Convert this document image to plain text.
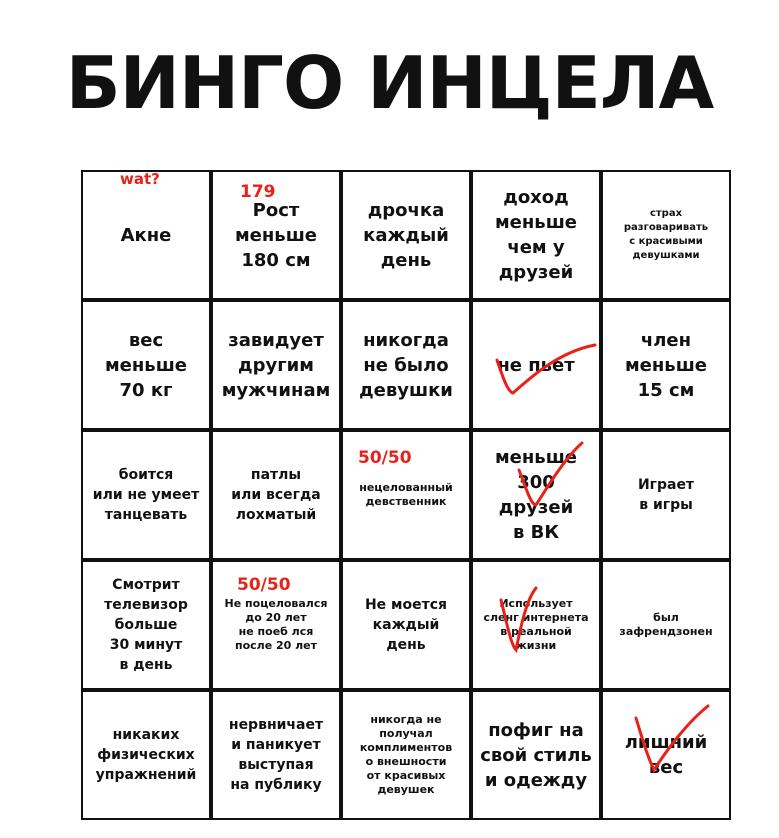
БИНГО ИНЦЕЛА
Акне
Рост
меньше
180 см
дрочка
каждый
день
доход
меньше
чем у
друзей
страх
разговаривать
с красивыми
девушками
вес
меньше
70 кг
завидует
другим
мужчинам
никогда
не было
девушки
не пьет
член
меньше
15 см
боится
или не умеет
танцевать
патлы
или всегда
лохматый
нецелованный
девственник
меньше
300 друзей
в ВК
Играет
в игры
Смотрит
телевизор
больше
30 минут
в день
Не поцеловался
до 20 лет
не поеб лся
после 20 лет
Не моется
каждый
день
Использует
сленг интернета
в реальной
жизни
был
зафрендзонен
никаких
физических
упражнений
нервничает
и паникует
выступая
на публику
никогда не
получал
комплиментов
о внешности
от красивых
девушек
пофиг на
свой стиль
и одежду
лишний
вес
wat?
179
50/50
50/50
